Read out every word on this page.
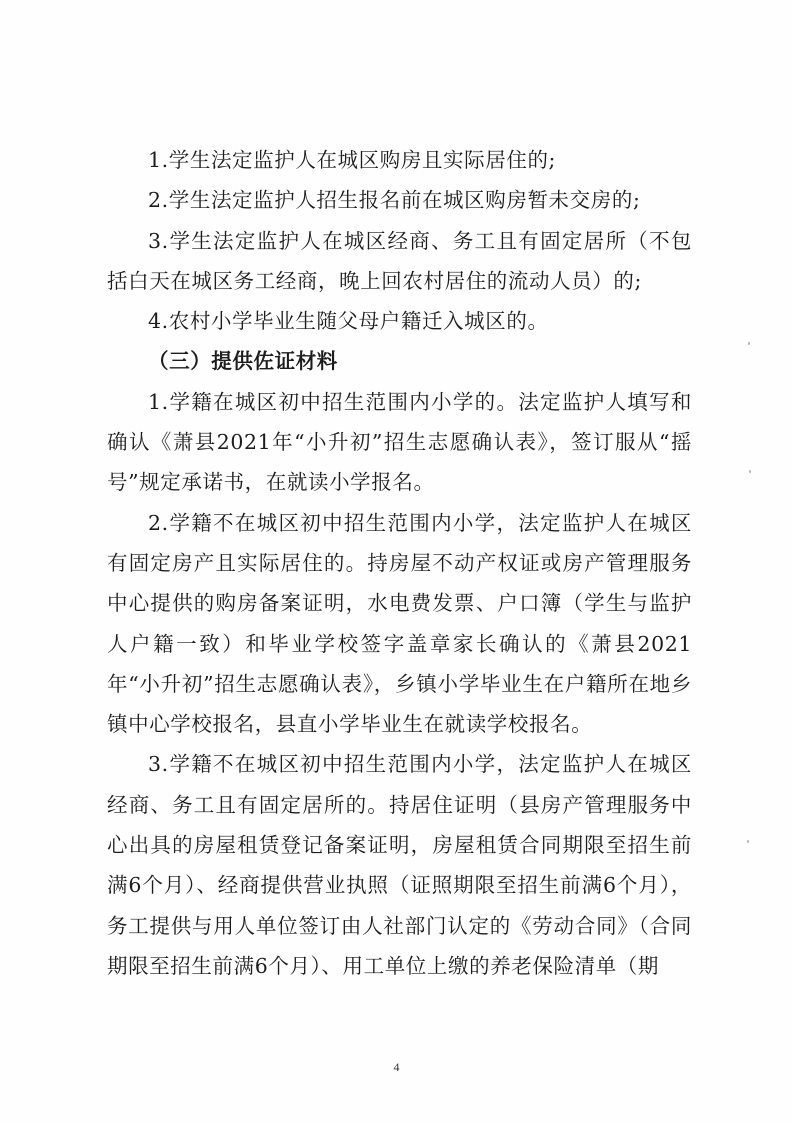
1.学生法定监护人在城区购房且实际居住的;

2.学生法定监护人招生报名前在城区购房暂未交房的;

3.学生法定监护人在城区经商、务工且有固定居所（不包括白天在城区务工经商，晚上回农村居住的流动人员）的;

4.农村小学毕业生随父母户籍迁入城区的。

（三）提供佐证材料

1.学籍在城区初中招生范围内小学的。法定监护人填写和确认《萧县2021年“小升初”招生志愿确认表》，签订服从“摇号”规定承诺书，在就读小学报名。

2.学籍不在城区初中招生范围内小学，法定监护人在城区有固定房产且实际居住的。持房屋不动产权证或房产管理服务中心提供的购房备案证明，水电费发票、户口簿（学生与监护人户籍一致）和毕业学校签字盖章家长确认的《萧县2021年“小升初”招生志愿确认表》，乡镇小学毕业生在户籍所在地乡镇中心学校报名，县直小学毕业生在就读学校报名。

3.学籍不在城区初中招生范围内小学，法定监护人在城区经商、务工且有固定居所的。持居住证明（县房产管理服务中心出具的房屋租赁登记备案证明，房屋租赁合同期限至招生前满6个月）、经商提供营业执照（证照期限至招生前满6个月），务工提供与用人单位签订由人社部门认定的《劳动合同》（合同期限至招生前满6个月）、用工单位上缴的养老保险清单（期

4
